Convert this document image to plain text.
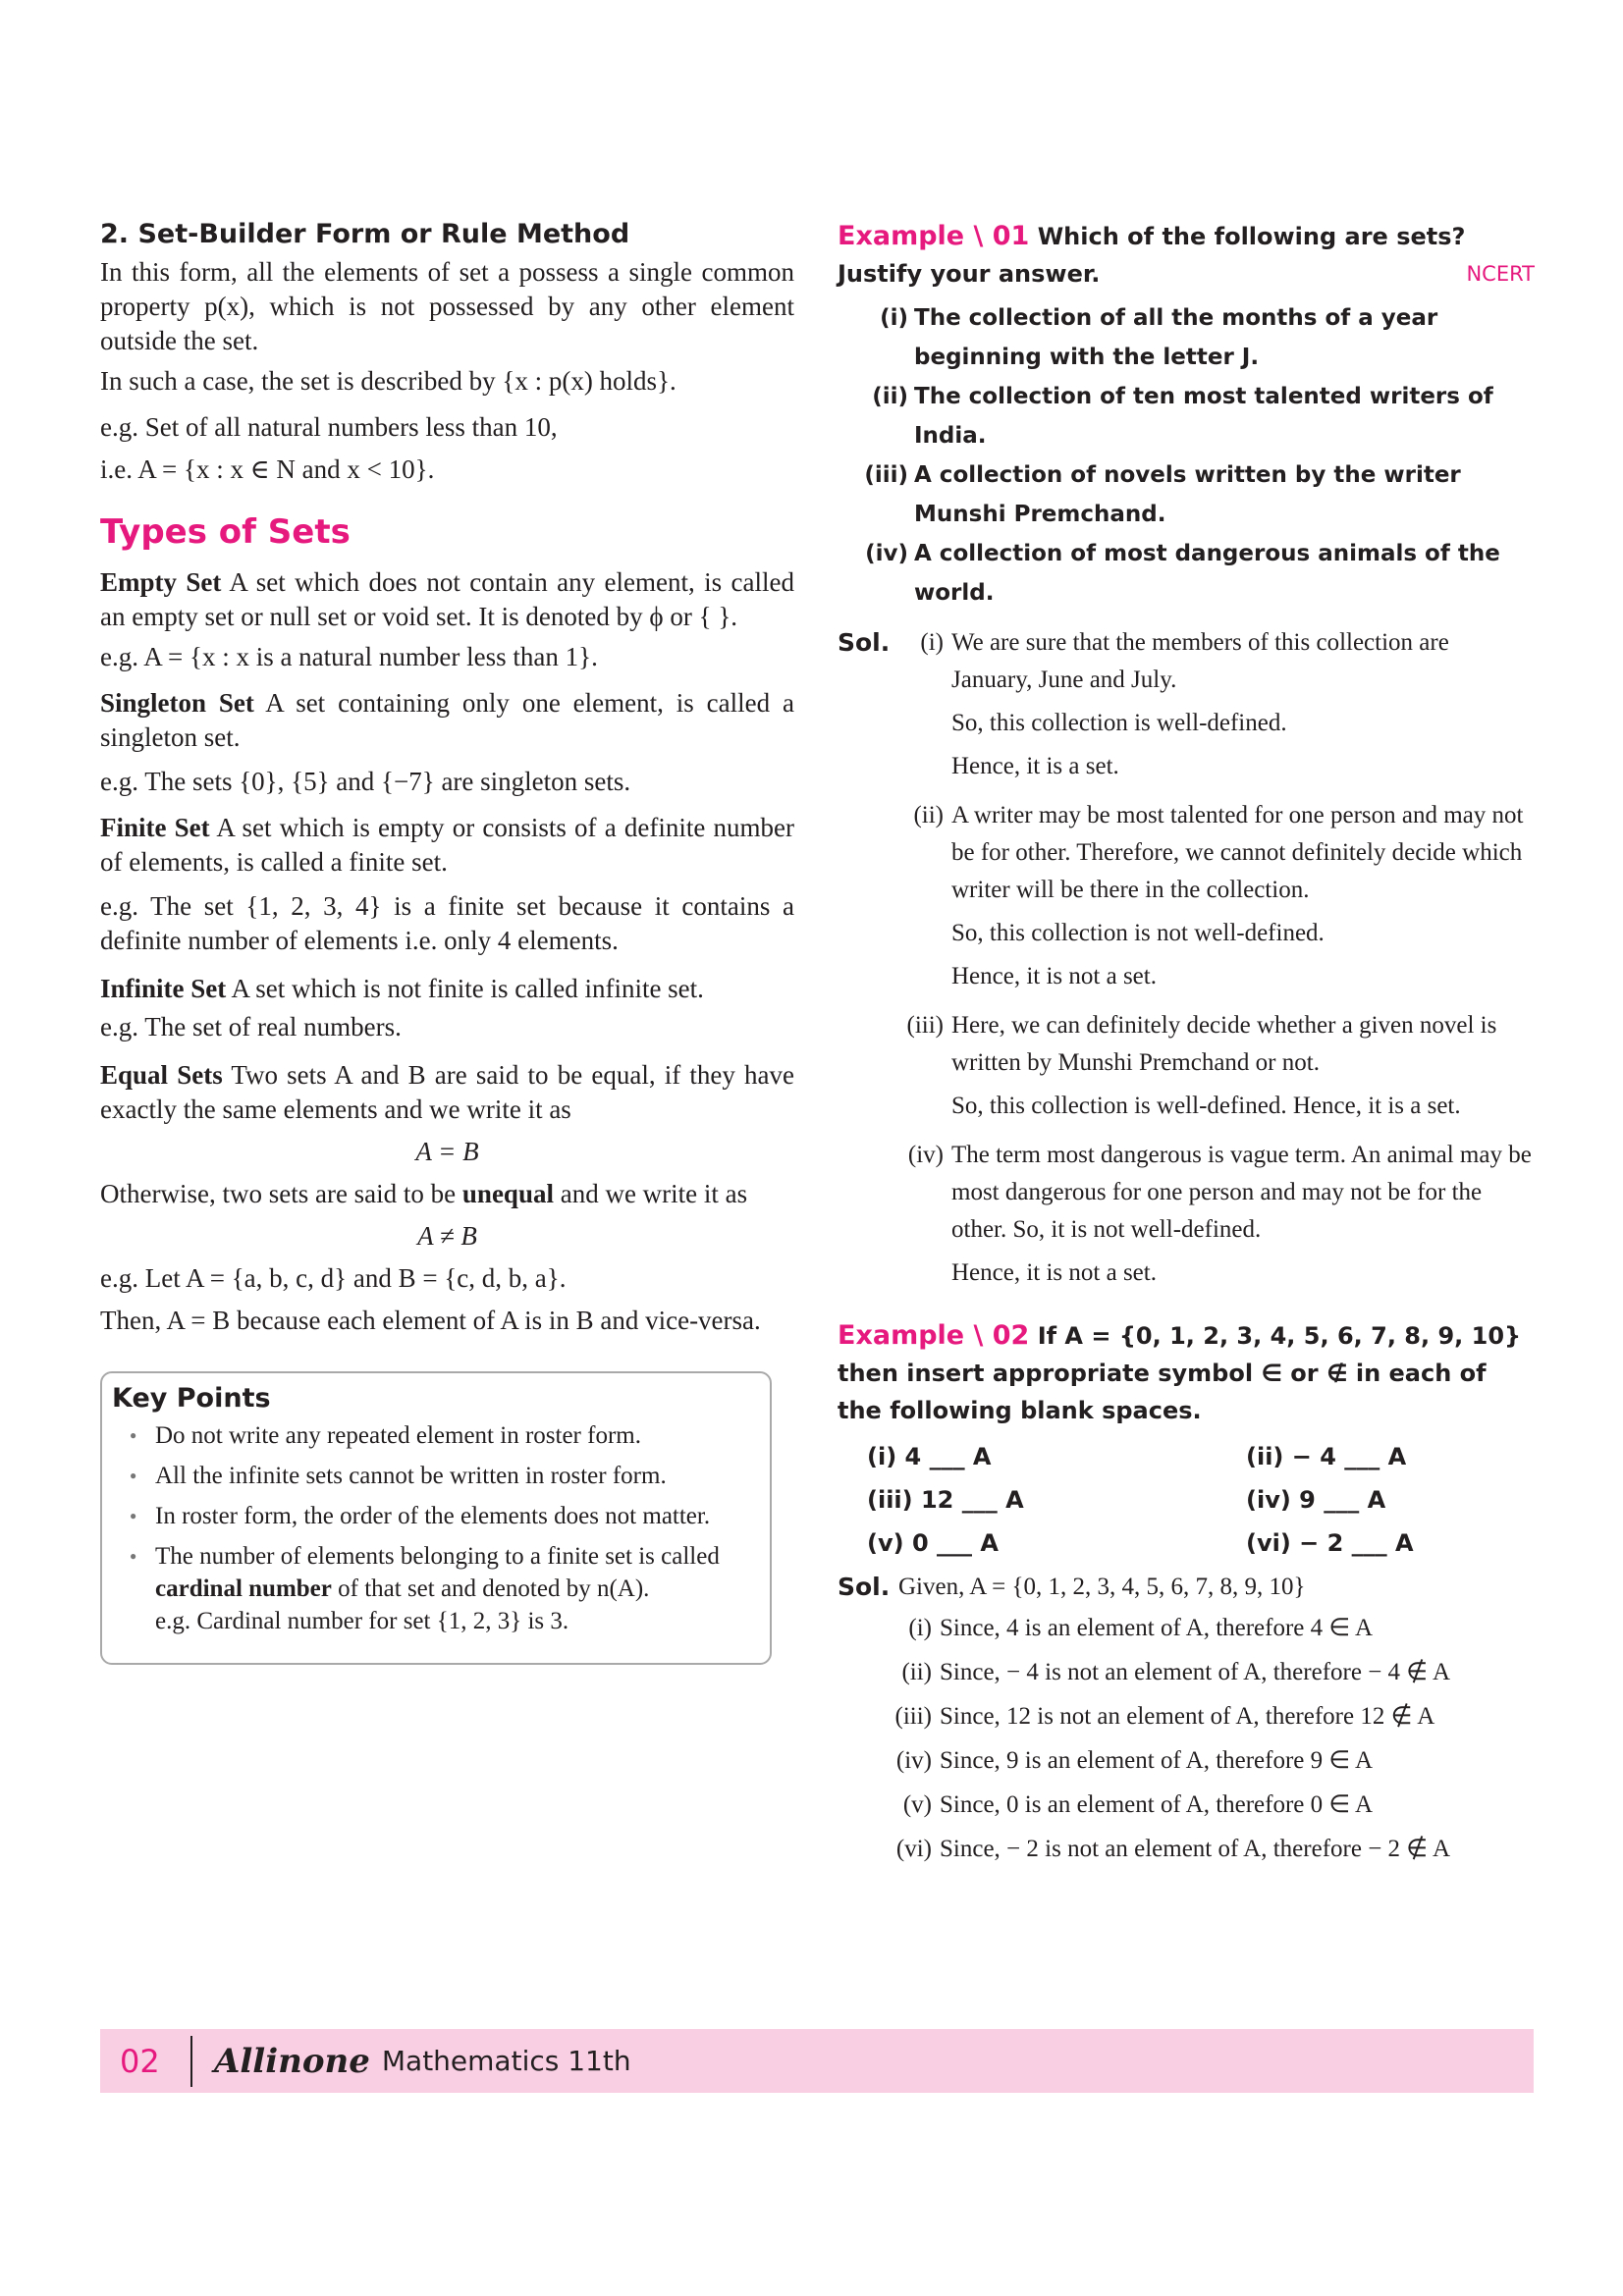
2. Set-Builder Form or Rule Method

In this form, all the elements of set a possess a single common property p(x), which is not possessed by any other element outside the set.

In such a case, the set is described by {x : p(x) holds}.

e.g. Set of all natural numbers less than 10,

i.e. A = {x : x ∈ N and x < 10}.

Types of Sets

Empty Set A set which does not contain any element, is called an empty set or null set or void set. It is denoted by ϕ or { }.

e.g. A = {x : x is a natural number less than 1}.

Singleton Set A set containing only one element, is called a singleton set.

e.g. The sets {0}, {5} and {−7} are singleton sets.

Finite Set A set which is empty or consists of a definite number of elements, is called a finite set.

e.g. The set {1, 2, 3, 4} is a finite set because it contains a definite number of elements i.e. only 4 elements.

Infinite Set A set which is not finite is called infinite set.

e.g. The set of real numbers.

Equal Sets Two sets A and B are said to be equal, if they have exactly the same elements and we write it as

A = B

Otherwise, two sets are said to be unequal and we write it as

A ≠ B

e.g. Let A = {a, b, c, d} and B = {c, d, b, a}.

Then, A = B because each element of A is in B and vice-versa.

Key Points
● Do not write any repeated element in roster form.
● All the infinite sets cannot be written in roster form.
● In roster form, the order of the elements does not matter.
● The number of elements belonging to a finite set is called cardinal number of that set and denoted by n(A).
e.g. Cardinal number for set {1, 2, 3} is 3.
Example \ 01 Which of the following are sets? Justify your answer.	NCERT
(i) The collection of all the months of a year beginning with the letter J.
(ii) The collection of ten most talented writers of India.
(iii) A collection of novels written by the writer Munshi Premchand.
(iv) A collection of most dangerous animals of the world.
Sol.	(i) We are sure that the members of this collection are January, June and July.

So, this collection is well-defined.

Hence, it is a set.

(ii) A writer may be most talented for one person and may not be for other. Therefore, we cannot definitely decide which writer will be there in the collection.

So, this collection is not well-defined.

Hence, it is not a set.

(iii) Here, we can definitely decide whether a given novel is written by Munshi Premchand or not.

So, this collection is well-defined. Hence, it is a set.

(iv) The term most dangerous is vague term. An animal may be most dangerous for one person and may not be for the other. So, it is not well-defined.

Hence, it is not a set.

Example \ 02 If A = {0, 1, 2, 3, 4, 5, 6, 7, 8, 9, 10} then insert appropriate symbol ∈ or ∉ in each of the following blank spaces.
(i) 4 ___ A	(ii) − 4 ___ A
(iii) 12 ___ A	(iv) 9 ___ A
(v) 0 ___ A	(vi) − 2 ___ A
Sol. Given, A = {0, 1, 2, 3, 4, 5, 6, 7, 8, 9, 10}
(i) Since, 4 is an element of A, therefore 4 ∈ A
(ii) Since, − 4 is not an element of A, therefore − 4 ∉ A
(iii) Since, 12 is not an element of A, therefore 12 ∉ A
(iv) Since, 9 is an element of A, therefore 9 ∈ A
(v) Since, 0 is an element of A, therefore 0 ∈ A
(vi) Since, − 2 is not an element of A, therefore − 2 ∉ A
02	Allinone Mathematics 11th
